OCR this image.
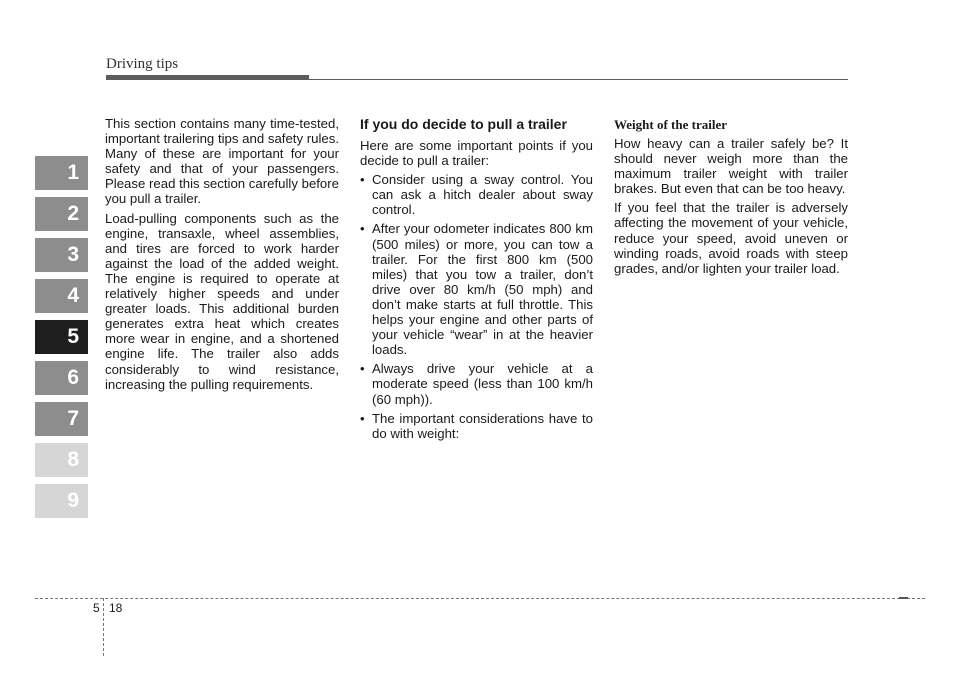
Driving tips
1
2
3
4
5
6
7
8
9

This section contains many time-tested, important trailering tips and safety rules. Many of these are important for your safety and that of your passengers. Please read this section carefully before you pull a trailer.

Load-pulling components such as the engine, transaxle, wheel assemblies, and tires are forced to work harder against the load of the added weight. The engine is required to operate at relatively higher speeds and under greater loads. This additional burden generates extra heat which creates more wear in engine, and a shortened engine life. The trailer also adds considerably to wind resistance, increasing the pulling requirements.

If you do decide to pull a trailer

Here are some important points if you decide to pull a trailer:

• Consider using a sway control. You can ask a hitch dealer about sway control.
• After your odometer indicates 800 km (500 miles) or more, you can tow a trailer. For the first 800 km (500 miles) that you tow a trailer, don’t drive over 80 km/h (50 mph) and don’t make starts at full throttle. This helps your engine and other parts of your vehicle “wear” in at the heavier loads.
• Always drive your vehicle at a moderate speed (less than 100 km/h (60 mph)).
• The important considerations have to do with weight:
Weight of the trailer

How heavy can a trailer safely be? It should never weigh more than the maximum trailer weight with trailer brakes. But even that can be too heavy.

If you feel that the trailer is adversely affecting the movement of your vehicle, reduce your speed, avoid uneven or winding roads, avoid roads with steep grades, and/or lighten your trailer load.

5 18
